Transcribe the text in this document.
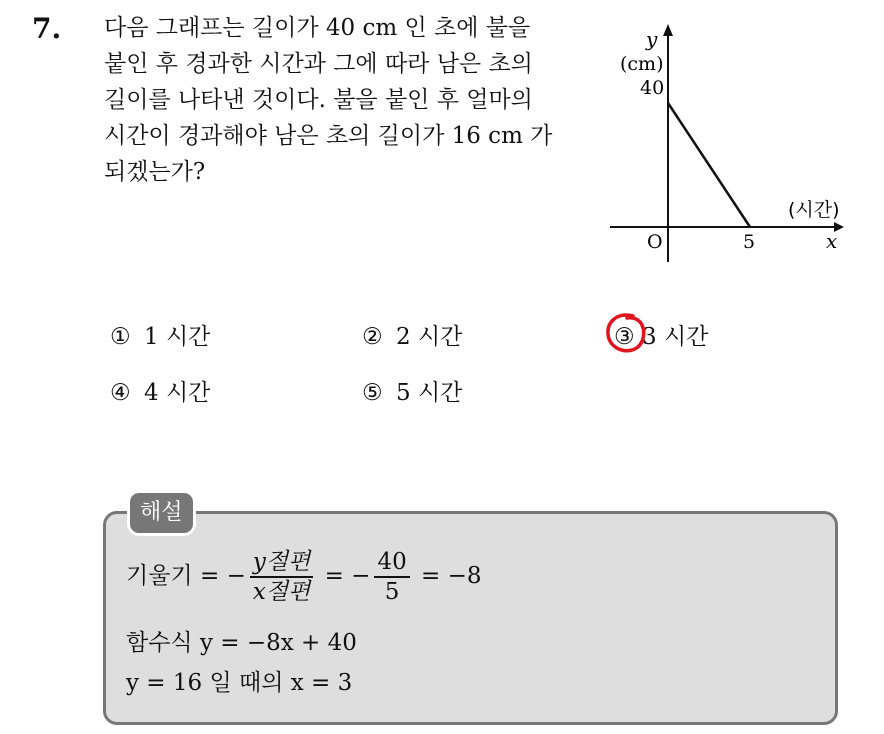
7. 다음 그래프는 길이가 40 cm 인 초에 불을
붙인 후 경과한 시간과 그에 따라 남은 초의
길이를 나타낸 것이다. 불을 붙인 후 얼마의
시간이 경과해야 남은 초의 길이가 16 cm 가
되겠는가?
y
(cm)
40
(시간)
5
O	x
① 1 시간	② 2 시간	③ 3 시간
④ 4 시간	⑤ 5 시간
해설
기울기 = − $\frac{\text{y절편}}{\text{x절편}}$ = − $\frac{40}{5} = -8$
함수식 y = −8x + 40
y = 16 일 때의 x = 3
